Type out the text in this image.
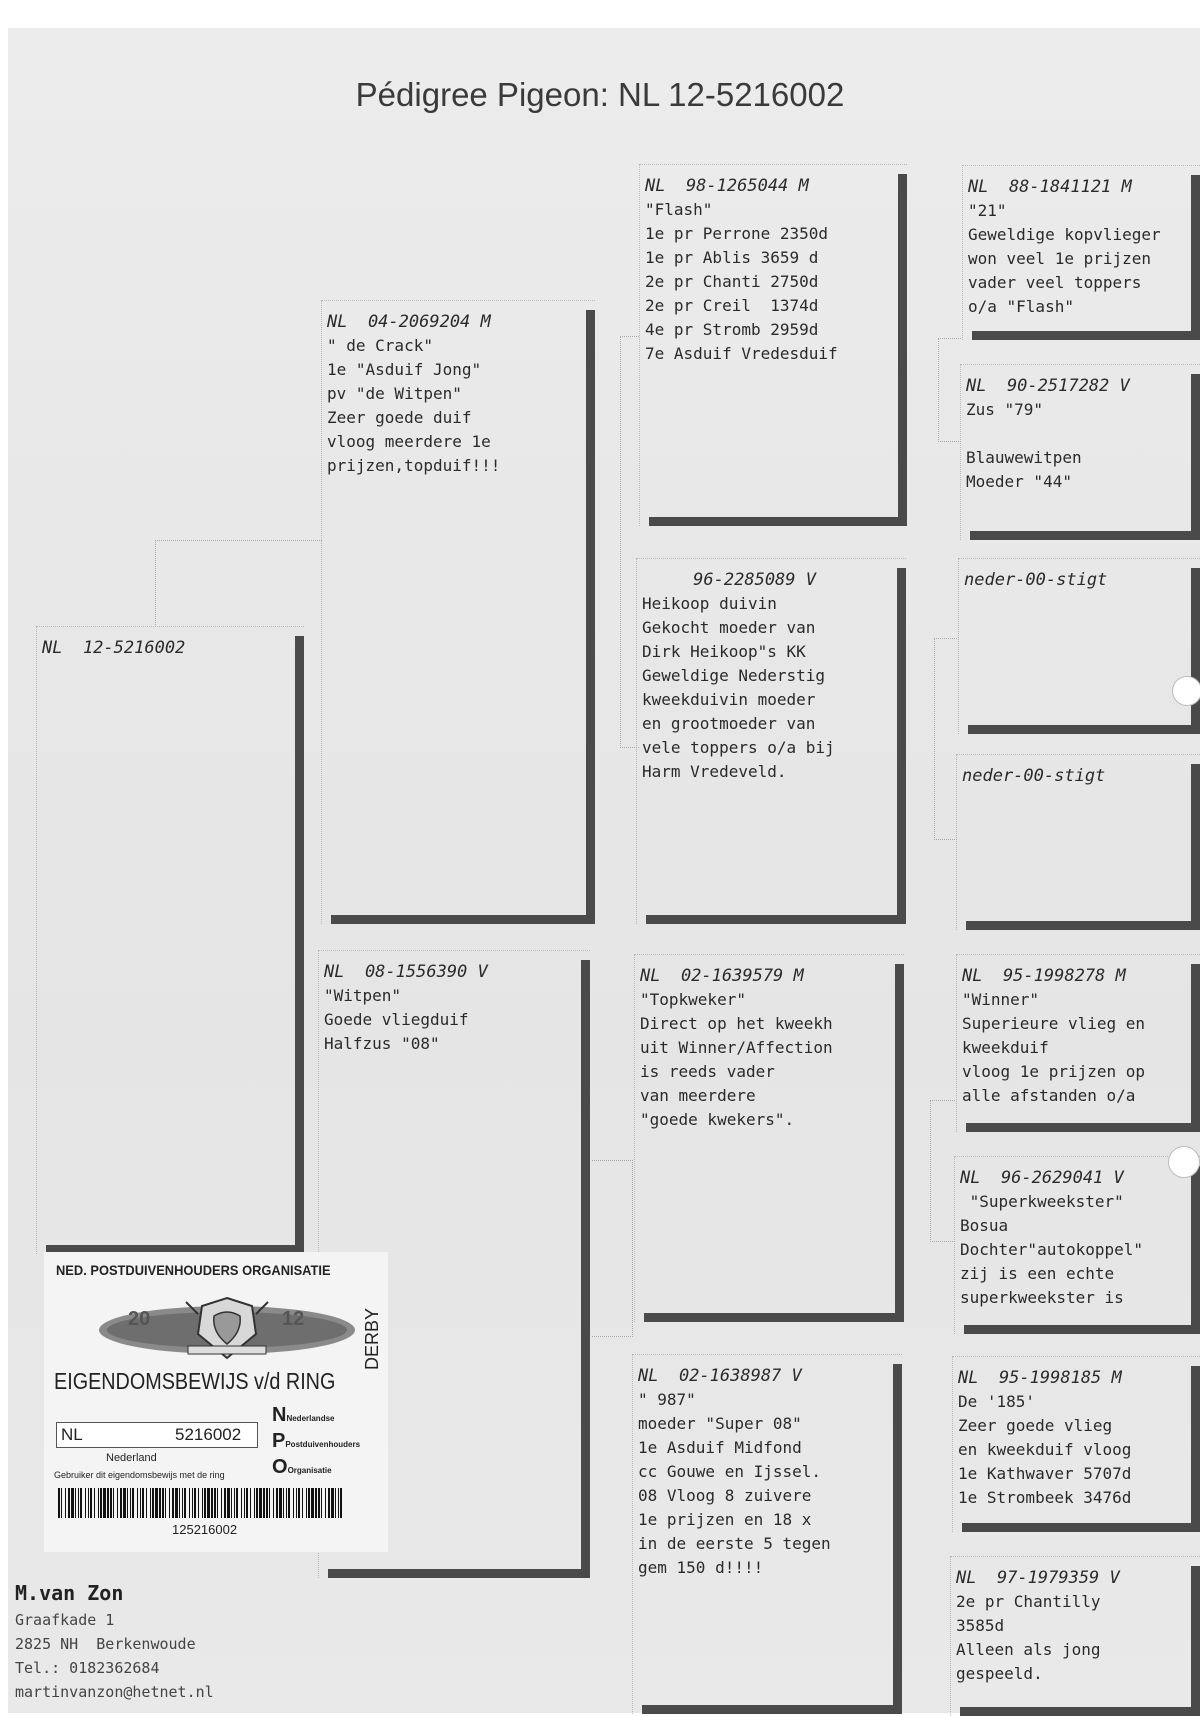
Pédigree Pigeon: NL 12-5216002
NL  12-5216002
NL  04-2069204 M
" de Crack"
1e "Asduif Jong"
pv "de Witpen"
Zeer goede duif
vloog meerdere 1e
prijzen,topduif!!!
NL  08-1556390 V
"Witpen"
Goede vliegduif
Halfzus "08"
NL  98-1265044 M
"Flash"
1e pr Perrone 2350d
1e pr Ablis 3659 d
2e pr Chanti 2750d
2e pr Creil  1374d
4e pr Stromb 2959d
7e Asduif Vredesduif
96-2285089 V
Heikoop duivin
Gekocht moeder van
Dirk Heikoop"s KK
Geweldige Nederstig
kweekduivin moeder
en grootmoeder van
vele toppers o/a bij
Harm Vredeveld.
NL  02-1639579 M
"Topkweker"
Direct op het kweekh
uit Winner/Affection
is reeds vader
van meerdere
"goede kwekers".
NL  02-1638987 V
" 987"
moeder "Super 08"
1e Asduif Midfond
cc Gouwe en Ijssel.
08 Vloog 8 zuivere
1e prijzen en 18 x
in de eerste 5 tegen
gem 150 d!!!!
NL  88-1841121 M
"21"
Geweldige kopvlieger
won veel 1e prijzen
vader veel toppers
o/a "Flash"
NL  90-2517282 V
Zus "79"
Blauwewitpen
Moeder "44"
neder-00-stigt
neder-00-stigt
NL  95-1998278 M
"Winner"
Superieure vlieg en
kweekduif
vloog 1e prijzen op
alle afstanden o/a
NL  96-2629041 V
"Superkweekster"
Bosua
Dochter"autokoppel"
zij is een echte
superkweekster is
NL  95-1998185 M
De '185'
Zeer goede vlieg
en kweekduif vloog
1e Kathwaver 5707d
1e Strombeek 3476d
NL  97-1979359 V
2e pr Chantilly
3585d
Alleen als jong
gespeeld.
NED. POSTDUIVENHOUDERS ORGANISATIE
20	12	DERBY
EIGENDOMSBEWIJS v/d RING
NL	5216002
NNederlandse
PPostduivenhouders
OOrganisatie
Nederland
Gebruiker dit eigendomsbewijs met de ring
125216002
M.van Zon
Graafkade 1
2825 NH  Berkenwoude
Tel.: 0182362684
martinvanzon@hetnet.nl
